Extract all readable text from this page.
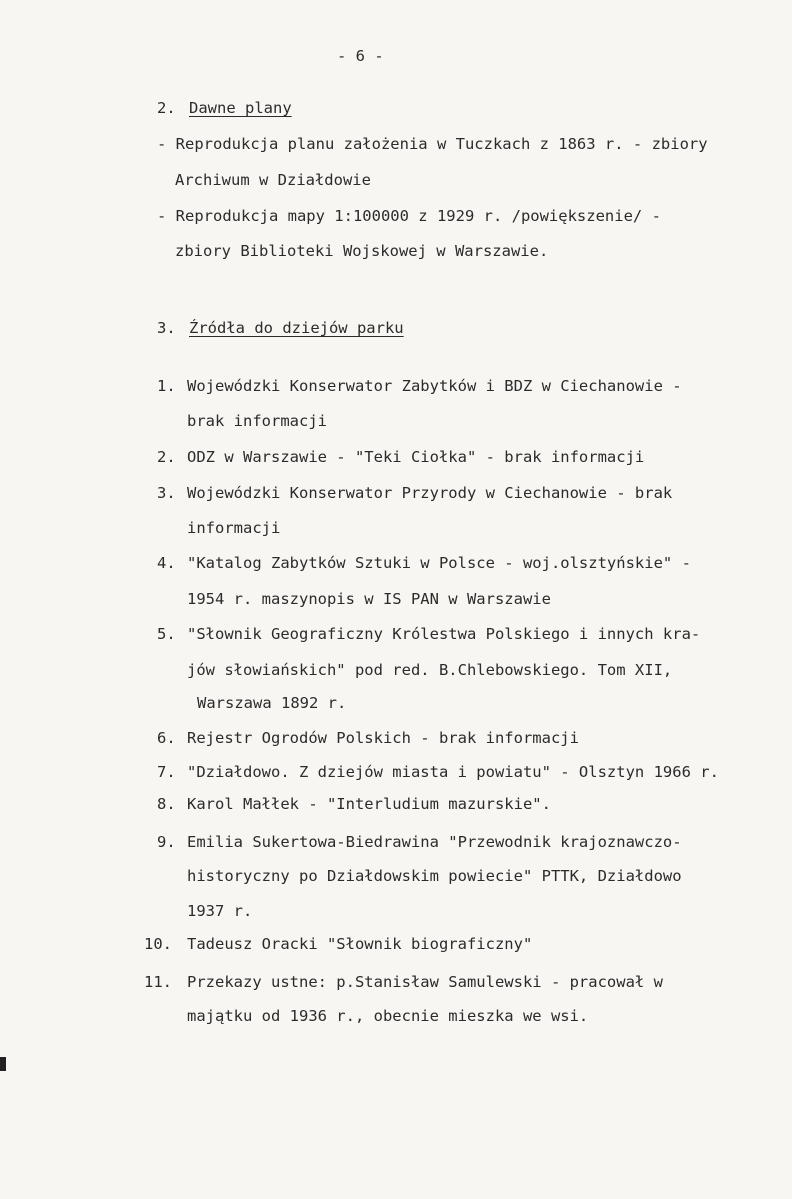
- 6 -
2. Dawne plany
- Reprodukcja planu założenia w Tuczkach z 1863 r. - zbiory
Archiwum w Działdowie
- Reprodukcja mapy 1:100000 z 1929 r. /powiększenie/ -
zbiory Biblioteki Wojskowej w Warszawie.
3. Źródła do dziejów parku
1. Wojewódzki Konserwator Zabytków i BDZ w Ciechanowie -
brak informacji
2. ODZ w Warszawie - "Teki Ciołka" - brak informacji
3. Wojewódzki Konserwator Przyrody w Ciechanowie - brak
informacji
4. "Katalog Zabytków Sztuki w Polsce - woj.olsztyńskie" -
1954 r. maszynopis w IS PAN w Warszawie
5. "Słownik Geograficzny Królestwa Polskiego i innych kra-
jów słowiańskich" pod red. B.Chlebowskiego. Tom XII,
Warszawa 1892 r.
6. Rejestr Ogrodów Polskich - brak informacji
7. "Działdowo. Z dziejów miasta i powiatu" - Olsztyn 1966 r.
8. Karol Małłek - "Interludium mazurskie".
9. Emilia Sukertowa-Biedrawina "Przewodnik krajoznawczo-
historyczny po Działdowskim powiecie" PTTK, Działdowo
1937 r.
10. Tadeusz Oracki "Słownik biograficzny"
11. Przekazy ustne: p.Stanisław Samulewski - pracował w
majątku od 1936 r., obecnie mieszka we wsi.
